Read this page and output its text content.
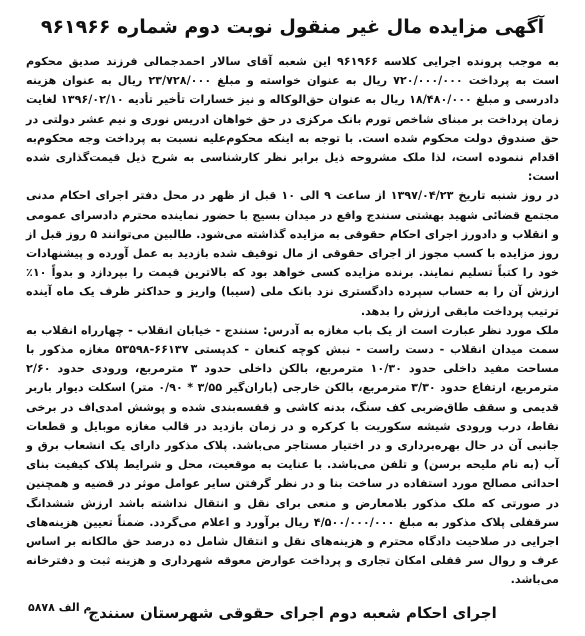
آگهی مزایده مال غیر منقول نوبت دوم شماره ۹۶۱۹۶۶

به موجب پرونده اجرایی کلاسه ۹۶۱۹۶۶ این شعبه آقای سالار احمدجمالی فرزند صدیق محکوم است به پرداخت ۷۲۰/۰۰۰/۰۰۰ ریال به عنوان خواسته و مبلغ ۲۳/۷۲۸/۰۰۰ ریال به عنوان هزینه دادرسی و مبلغ ۱۸/۴۸۰/۰۰۰ ریال به عنوان حق‌الوکاله و نیز خسارات تأخیر تأدیه ۱۳۹۶/۰۲/۱۰ لغایت زمان پرداخت بر مبنای شاخص تورم بانک مرکزی در حق خواهان ادریس نوری و نیم عشر دولتی در حق صندوق دولت محکوم شده است. با توجه به اینکه محکوم‌علیه نسبت به پرداخت وجه محکوم‌به اقدام ننموده است، لذا ملک مشروحه ذیل برابر نظر کارشناسی به شرح ذیل قیمت‌گذاری شده است:

در روز شنبه تاریخ ۱۳۹۷/۰۴/۲۳ از ساعت ۹ الی ۱۰ قبل از ظهر در محل دفتر اجرای احکام مدنی مجتمع قضائی شهید بهشتی سنندج واقع در میدان بسیج با حضور نماینده محترم دادسرای عمومی و انقلاب و دادورز اجرای احکام حقوقی به مزایده گذاشته می‌شود. طالبین می‌توانند ۵ روز قبل از روز مزایده با کسب مجوز از اجرای حقوقی از مال توقیف شده بازدید به عمل آورده و پیشنهادات خود را کتباً تسلیم نمایند. برنده مزایده کسی خواهد بود که بالاترین قیمت را بپردازد و بدواً ۱۰٪ ارزش آن را به حساب سپرده دادگستری نزد بانک ملی (سیبا) واریز و حداکثر ظرف یک ماه آینده ترتیب پرداخت مابقی ارزش را بدهد.

ملک مورد نظر عبارت است از یک باب مغازه به آدرس: سنندج - خیابان انقلاب - چهارراه انقلاب به سمت میدان انقلاب - دست راست - نبش کوچه کنعان - کدپستی ۶۶۱۳۷-۵۳۵۹۸ مغازه مذکور با مساحت مفید داخلی حدود ۱۰/۳۰ مترمربع، بالکن داخلی حدود ۳ مترمربع، ورودی حدود ۲/۶۰ مترمربع، ارتفاع حدود ۳/۳۰ مترمربع، بالکن خارجی (باران‌گیر ۳/۵۵ * ۰/۹۰ متر) اسکلت دیوار باربر قدیمی و سقف طاق‌ضربی کف سنگ، بدنه کاشی و قفسه‌بندی شده و پوشش امدی‌اف در برخی نقاط، درب ورودی شیشه سکوریت با کرکره و در زمان بازدید در قالب مغازه موبایل و قطعات جانبی آن در حال بهره‌برداری و در اختیار مستاجر می‌باشد. پلاک مذکور دارای یک انشعاب برق و آب (به نام ملیحه برسن) و تلفن می‌باشد. با عنایت به موقعیت، محل و شرایط پلاک کیفیت بنای احداثی مصالح مورد استفاده در ساخت بنا و در نظر گرفتن سایر عوامل موثر در قضیه و همچنین در صورتی که ملک مذکور بلامعارض و منعی برای نقل و انتقال نداشته باشد ارزش ششدانگ سرقفلی پلاک مذکور به مبلغ ۴/۵۰۰/۰۰۰/۰۰۰ ریال برآورد و اعلام می‌گردد. ضمناً تعیین هزینه‌های اجرایی در صلاحیت دادگاه محترم و هزینه‌های نقل و انتقال شامل ده درصد حق مالکانه بر اساس عرف و روال سر قفلی امکان تجاری و پرداخت عوارض معوقه شهرداری و هزینه ثبت و دفترخانه می‌باشد.

اجرای احکام شعبه دوم اجرای حقوقی شهرستان سنندج
م الف ۵۸۷۸
